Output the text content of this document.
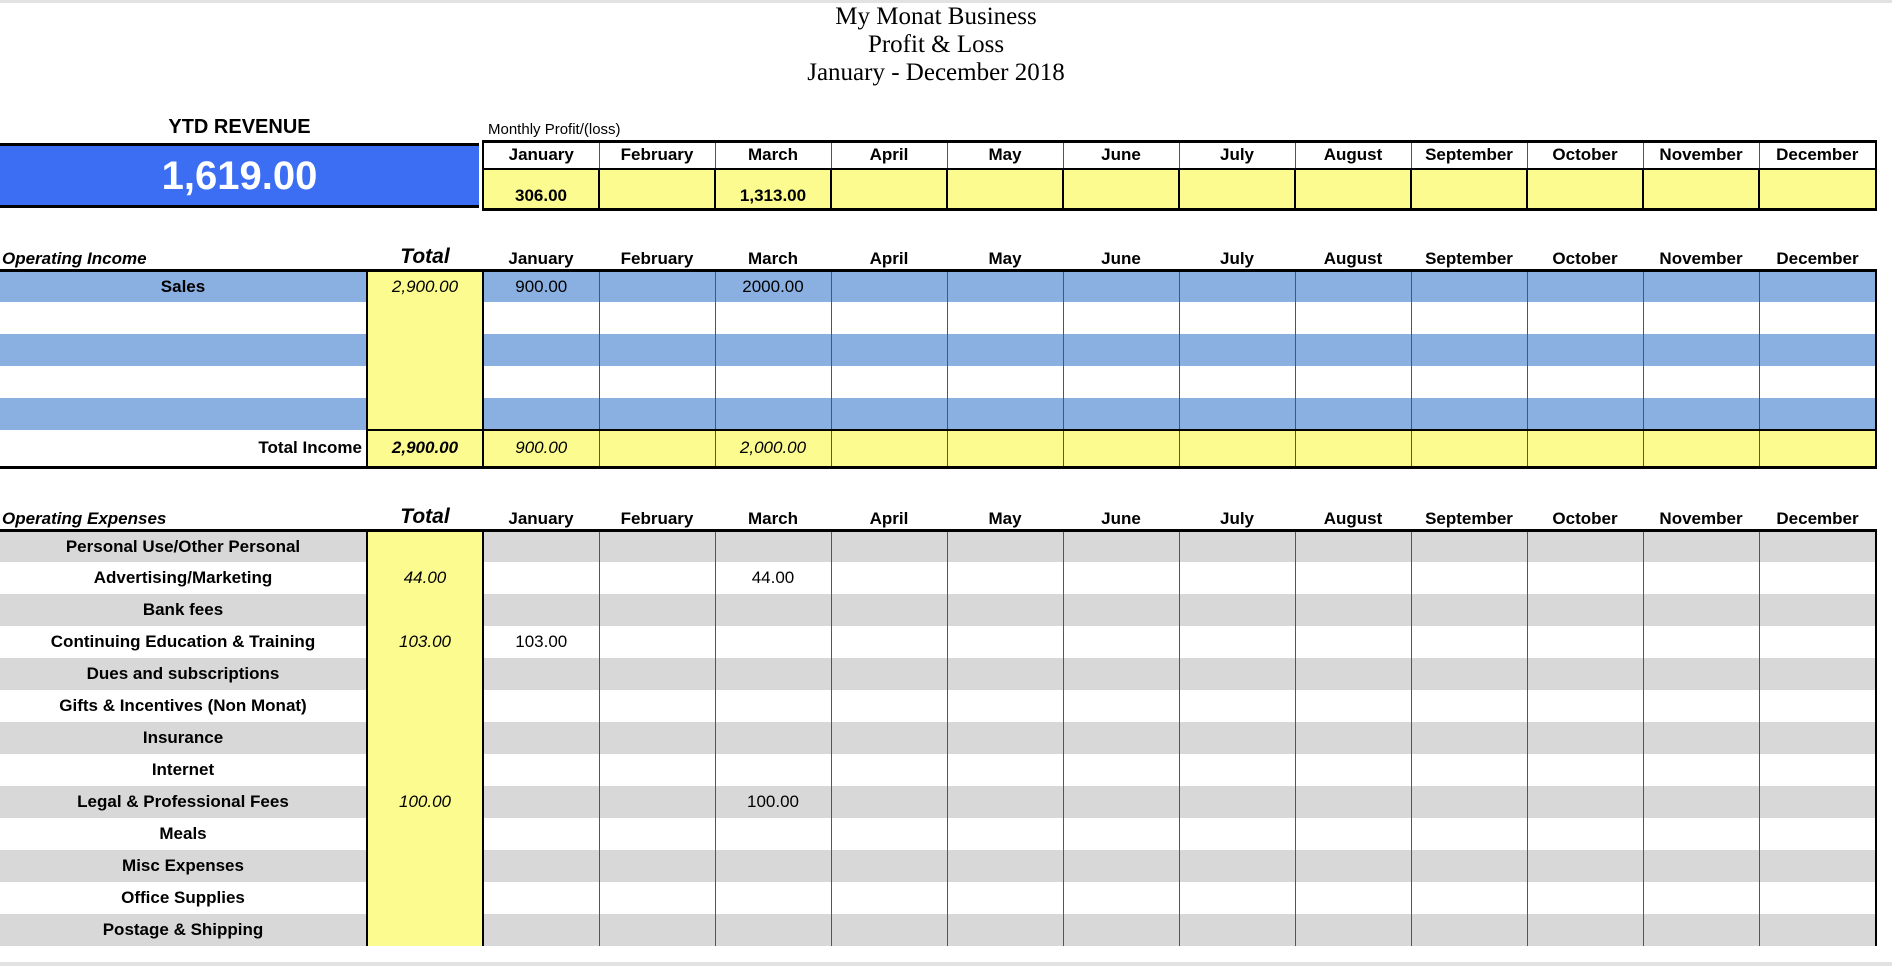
My Monat Business
Profit & Loss
January - December 2018
YTD REVENUE
1,619.00
Monthly Profit/(loss)
	January	February	March	April	May	June	July	August	September	October	November	December
	306.00		1,313.00									
Operating Income	Total	January	February	March	April	May	June	July	August	September	October	November	December
Sales	2,900.00	900.00		2000.00									

Total Income	2,900.00	900.00		2,000.00									
Operating Expenses	Total	January	February	March	April	May	June	July	August	September	October	November	December
Personal Use/Other Personal													
Advertising/Marketing	44.00			44.00									
Bank fees													
Continuing Education & Training	103.00	103.00											
Dues and subscriptions													
Gifts & Incentives (Non Monat)													
Insurance													
Internet													
Legal & Professional Fees	100.00			100.00									
Meals													
Misc Expenses													
Office Supplies													
Postage & Shipping													
